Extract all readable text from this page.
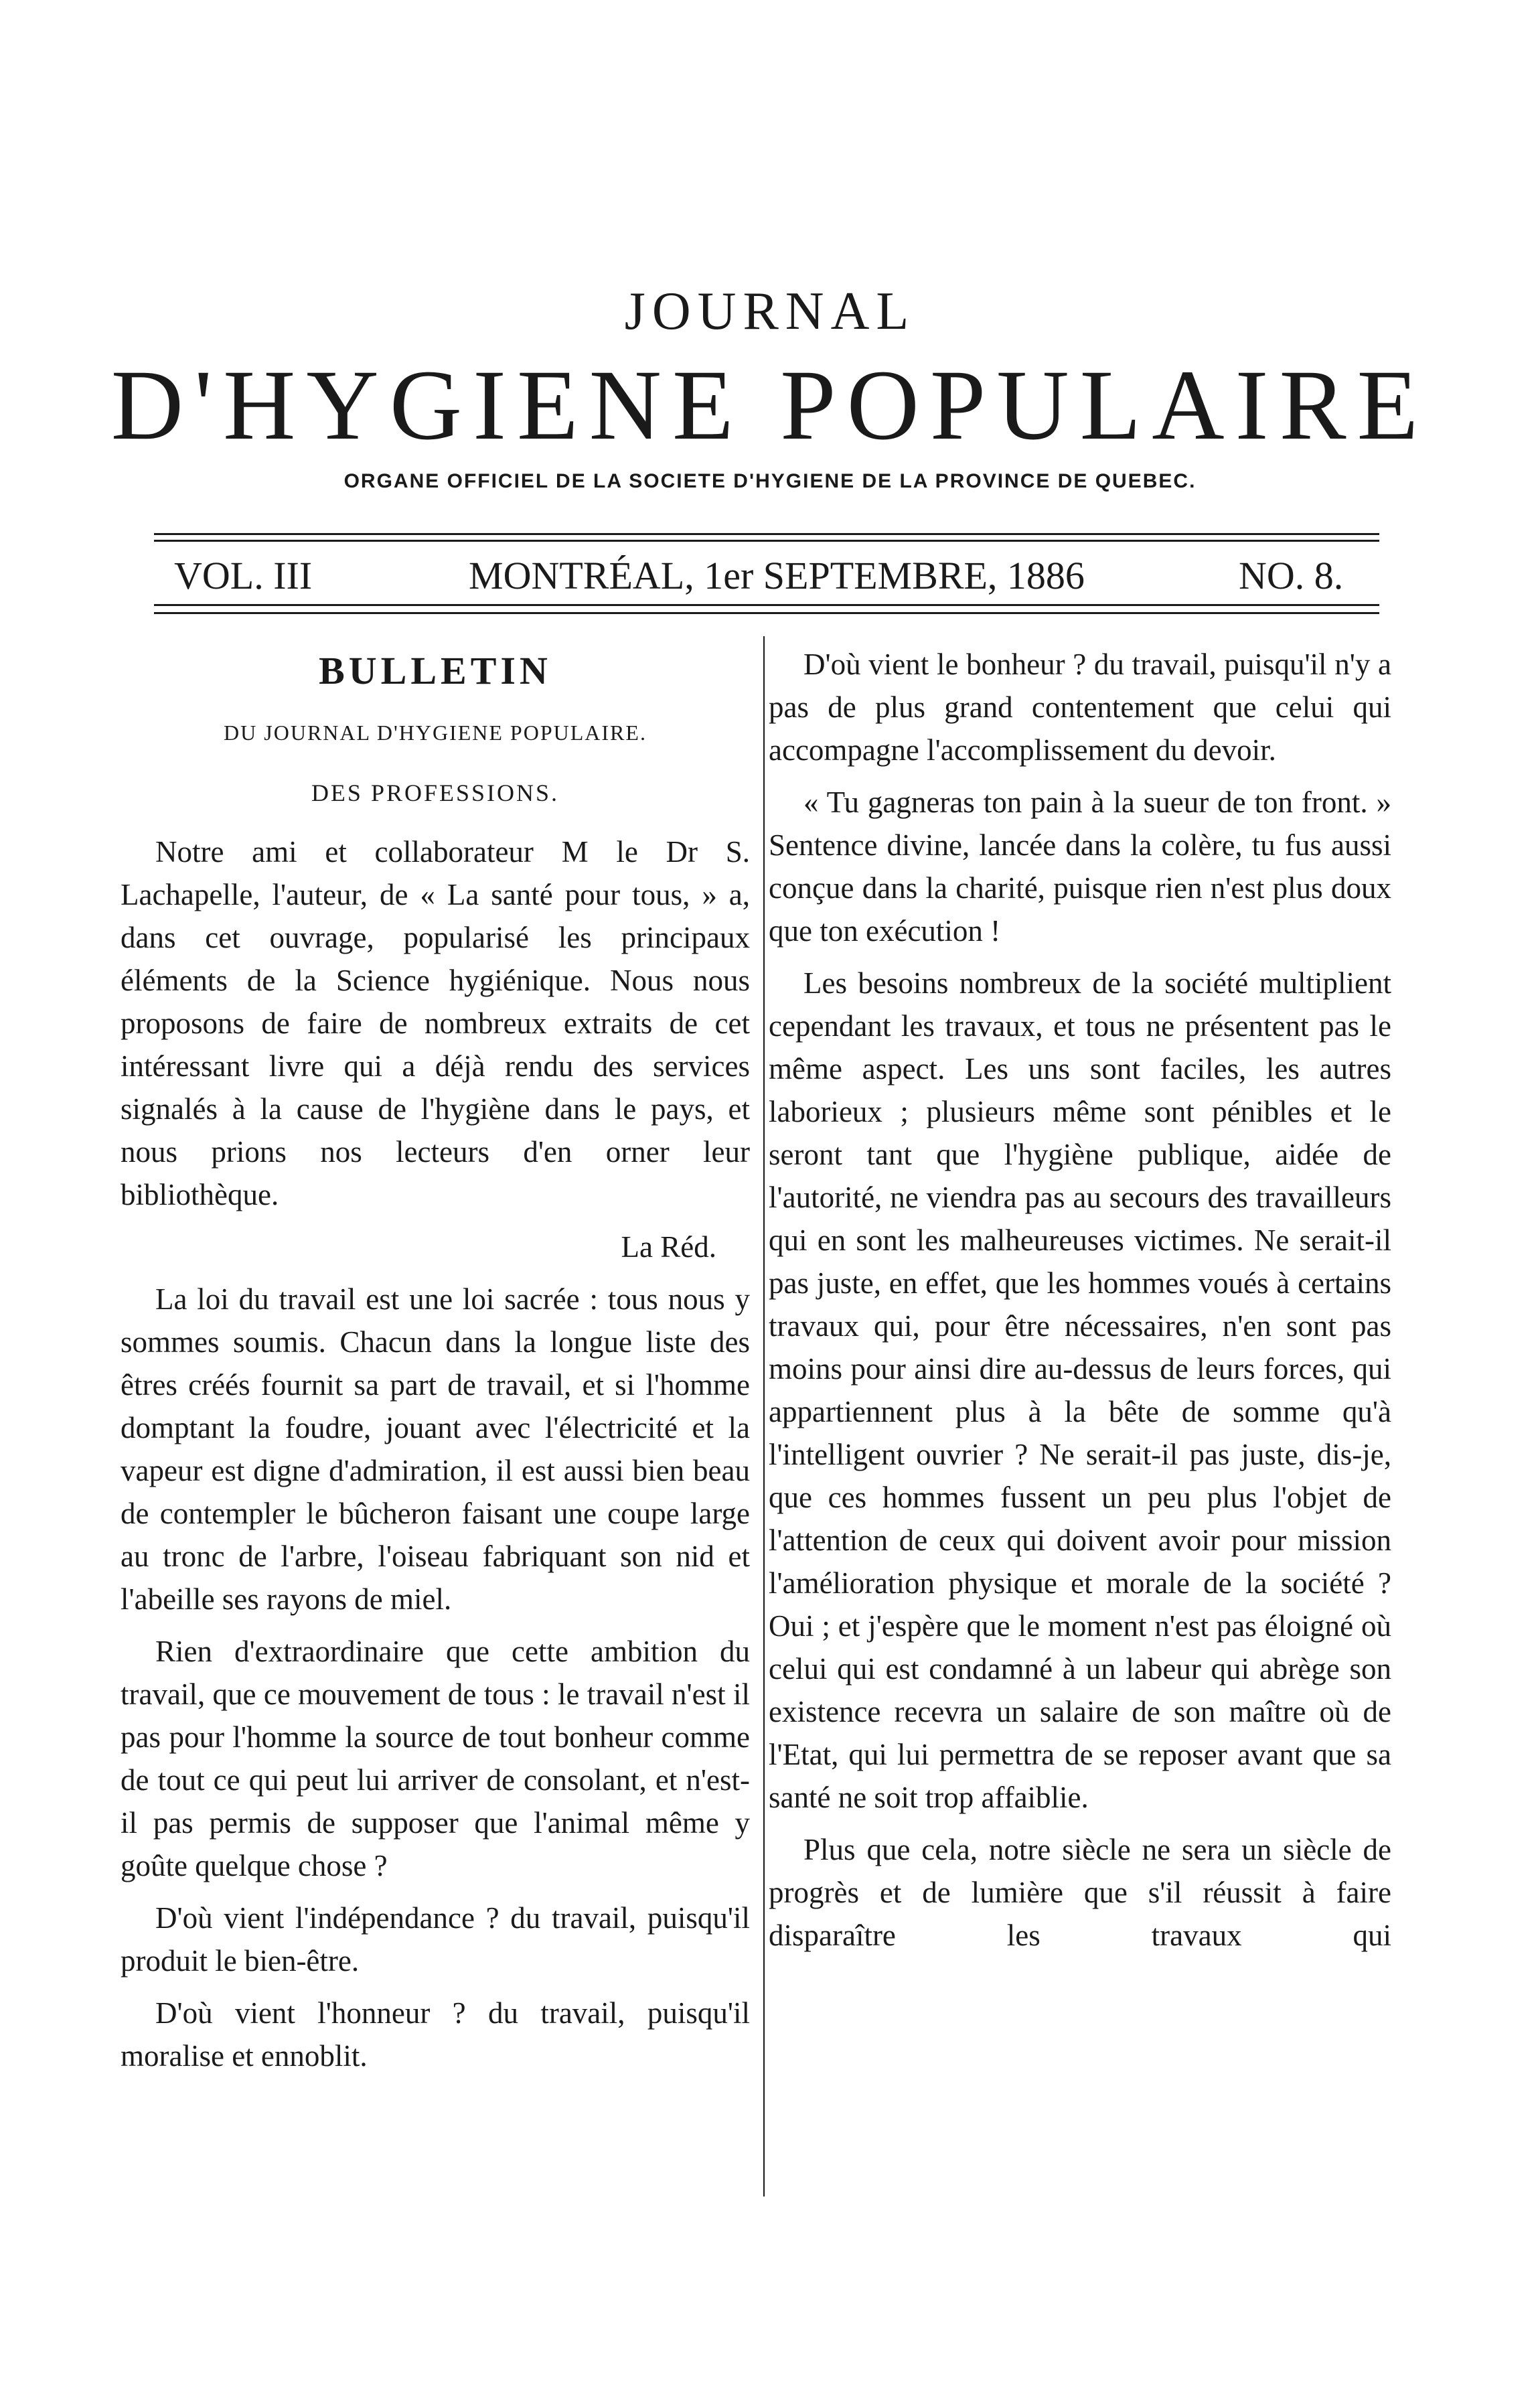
JOURNAL
D'HYGIENE POPULAIRE
ORGANE OFFICIEL DE LA SOCIETE D'HYGIENE DE LA PROVINCE DE QUEBEC.
VOL. III	MONTRÉAL, 1er SEPTEMBRE, 1886	NO. 8.

BULLETIN

DU JOURNAL D'HYGIENE POPULAIRE.

DES PROFESSIONS.

Notre ami et collaborateur M le Dr S. Lachapelle, l'auteur, de « La santé pour tous, » a, dans cet ouvrage, popularisé les principaux éléments de la Science hygiénique. Nous nous proposons de faire de nombreux extraits de cet intéressant livre qui a déjà rendu des services signalés à la cause de l'hygiène dans le pays, et nous prions nos lecteurs d'en orner leur bibliothèque.

La Réd.

La loi du travail est une loi sacrée : tous nous y sommes soumis. Chacun dans la longue liste des êtres créés fournit sa part de travail, et si l'homme domptant la foudre, jouant avec l'électricité et la vapeur est digne d'admiration, il est aussi bien beau de contempler le bûcheron faisant une coupe large au tronc de l'arbre, l'oiseau fabriquant son nid et l'abeille ses rayons de miel.

Rien d'extraordinaire que cette ambition du travail, que ce mouvement de tous : le travail n'est il pas pour l'homme la source de tout bonheur comme de tout ce qui peut lui arriver de consolant, et n'est-il pas permis de supposer que l'animal même y goûte quelque chose ?

D'où vient l'indépendance ? du travail, puisqu'il produit le bien-être.

D'où vient l'honneur ? du travail, puisqu'il moralise et ennoblit.

D'où vient le bonheur ? du travail, puisqu'il n'y a pas de plus grand contentement que celui qui accompagne l'accomplissement du devoir.

« Tu gagneras ton pain à la sueur de ton front. » Sentence divine, lancée dans la colère, tu fus aussi conçue dans la charité, puisque rien n'est plus doux que ton exécution !

Les besoins nombreux de la société multiplient cependant les travaux, et tous ne présentent pas le même aspect. Les uns sont faciles, les autres laborieux ; plusieurs même sont pénibles et le seront tant que l'hygiène publique, aidée de l'autorité, ne viendra pas au secours des travailleurs qui en sont les malheureuses victimes. Ne serait-il pas juste, en effet, que les hommes voués à certains travaux qui, pour être nécessaires, n'en sont pas moins pour ainsi dire au-dessus de leurs forces, qui appartiennent plus à la bête de somme qu'à l'intelligent ouvrier ? Ne serait-il pas juste, dis-je, que ces hommes fussent un peu plus l'objet de l'attention de ceux qui doivent avoir pour mission l'amélioration physique et morale de la société ? Oui ; et j'espère que le moment n'est pas éloigné où celui qui est condamné à un labeur qui abrège son existence recevra un salaire de son maître où de l'Etat, qui lui permettra de se reposer avant que sa santé ne soit trop affaiblie.

Plus que cela, notre siècle ne sera un siècle de progrès et de lumière que s'il réussit à faire disparaître les travaux qui
